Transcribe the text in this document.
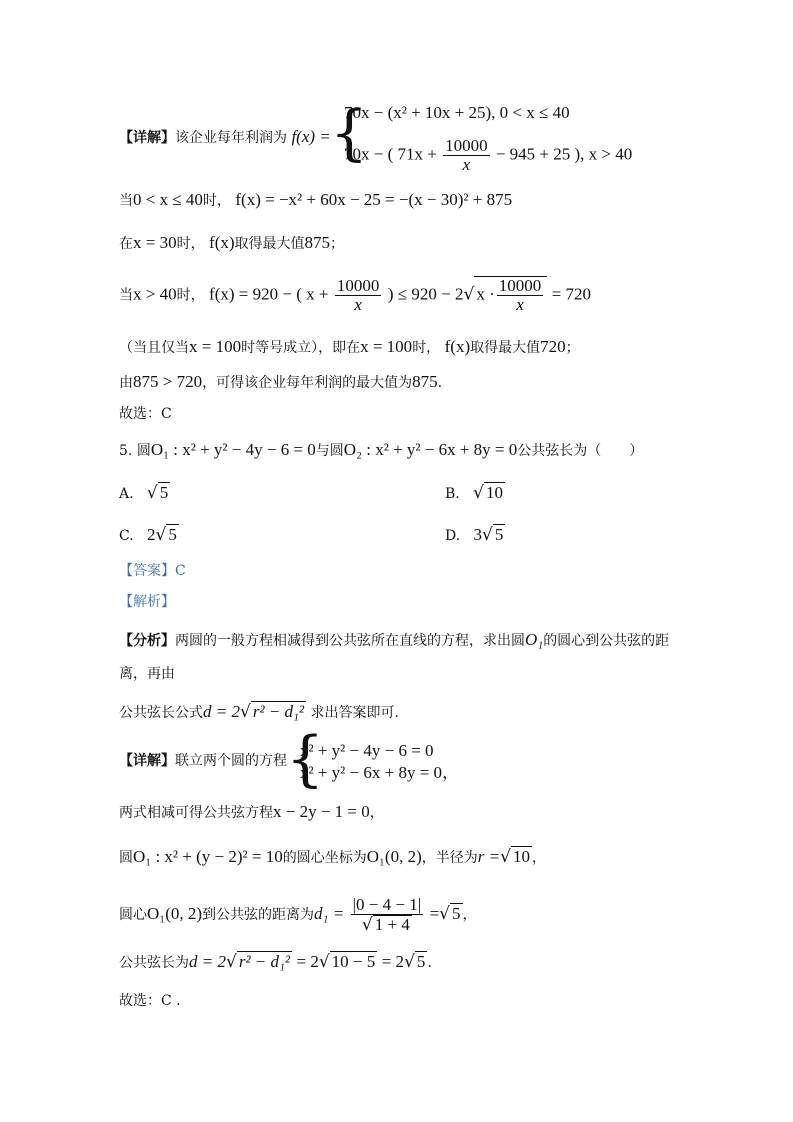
【详解】该企业每年利润为 f(x) = {
70x − (x² + 10x + 25), 0 < x ≤ 40
70x − ( $71x + \frac{10000}{x} - 945 + 25$ ), x > 40
当0 < x ≤ 40时， f(x) = −x² + 60x − 25 = −(x − 30)² + 875
在x = 30时， f(x)取得最大值875；
当x > 40时， f(x) = 920 − ( $x + \frac{10000}{x}$ ) ≤ 920 − 2√ $x \cdot \frac{10000}{x} = 720$
（当且仅当x = 100时等号成立），即在x = 100时， f(x)取得最大值720；
由875 > 720，可得该企业每年利润的最大值为875.
故选：C
5. 圆O₁ : x² + y² − 4y − 6 = 0与圆O₂ : x² + y² − 6x + 8y = 0公共弦长为（　　）
A. √ 5	B. √ 10
C. 2√ 5	D. 3√ 5
【答案】C
【解析】
【分析】两圆的一般方程相减得到公共弦所在直线的方程，求出圆O₁的圆心到公共弦的距
离，再由
公共弦长公式d = 2√ r² − d₁² 求出答案即可.
【详解】联立两个圆的方程 {
x² + y² − 4y − 6 = 0
x² + y² − 6x + 8y = 0，
两式相减可得公共弦方程x − 2y − 1 = 0，
圆O₁ : x² + (y − 2)² = 10的圆心坐标为O₁(0, 2)，半径为r =√ 10 ，
圆心O₁(0, 2)到公共弦的距离为$d_1 = \frac{|0 - 4 - 1|}{√ 1 + 4}$ =√ 5 ，
公共弦长为d = 2√ r² − d₁² = 2√ 10 − 5 = 2√ 5 .
故选：C .
